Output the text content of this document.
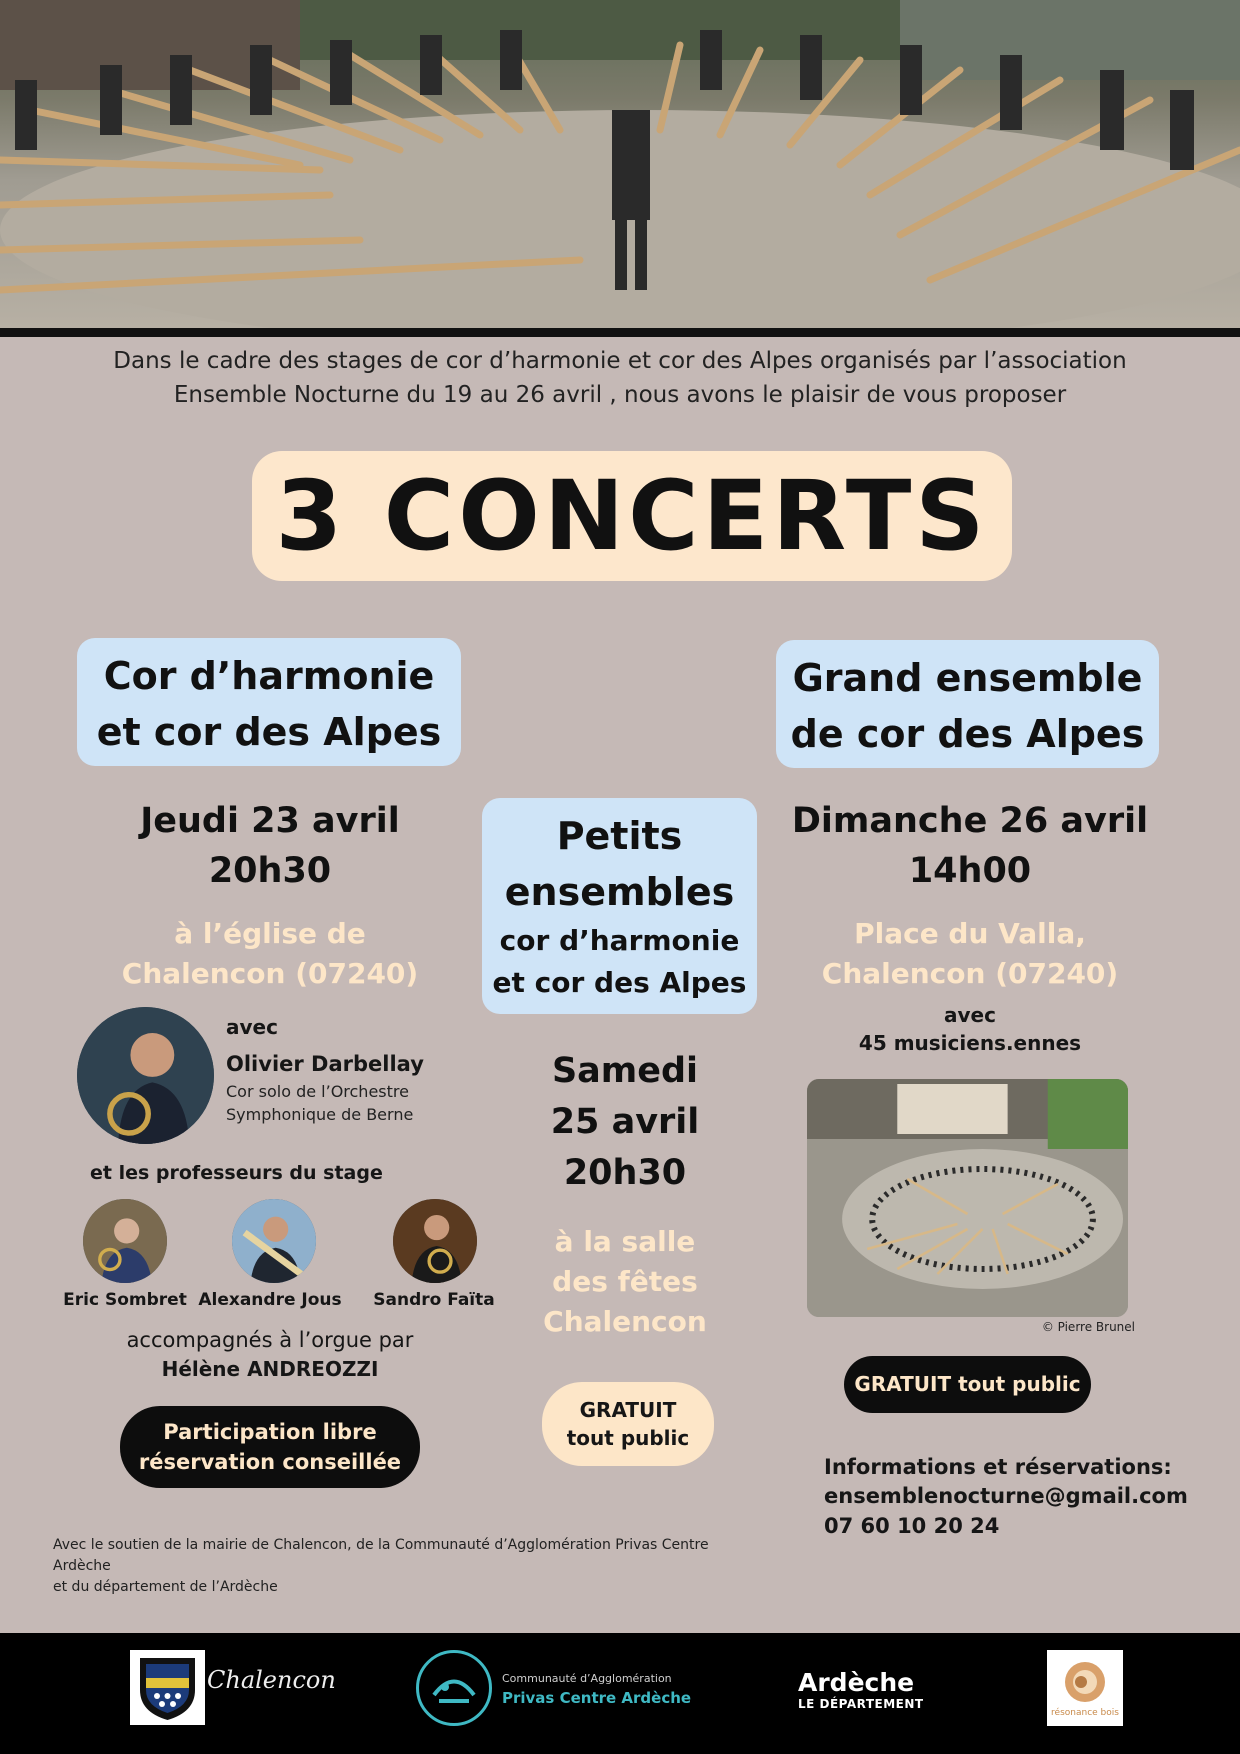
Dans le cadre des stages de cor d’harmonie et cor des Alpes organisés par l’association
Ensemble Nocturne du 19 au 26 avril , nous avons le plaisir de vous proposer
3 CONCERTS
Cor d’harmonie
et cor des Alpes
Jeudi 23 avril
20h30
à l’église de
Chalencon (07240)
avec
Olivier Darbellay
Cor solo de l’Orchestre
Symphonique de Berne
et les professeurs du stage
Eric Sombret Alexandre Jous	Sandro Faïta
accompagnés à l’orgue par
Hélène ANDREOZZI
Participation libre
réservation conseillée
Petits
ensembles
cor d’harmonie
et cor des Alpes
Samedi
25 avril
20h30
à la salle
des fêtes
Chalencon
GRATUIT
tout public
Grand ensemble
de cor des Alpes
Dimanche 26 avril
14h00
Place du Valla,
Chalencon (07240)
avec
45 musiciens.ennes
© Pierre Brunel
GRATUIT tout public
Informations et réservations:
ensemblenocturne@gmail.com
07 60 10 20 24
Avec le soutien de la mairie de Chalencon, de la Communauté d’Agglomération Privas Centre Ardèche
et du département de l’Ardèche
Chalencon	Communauté d’Agglomération
Privas Centre Ardèche
Ardèche
LE DÉPARTEMENT
résonance bois
